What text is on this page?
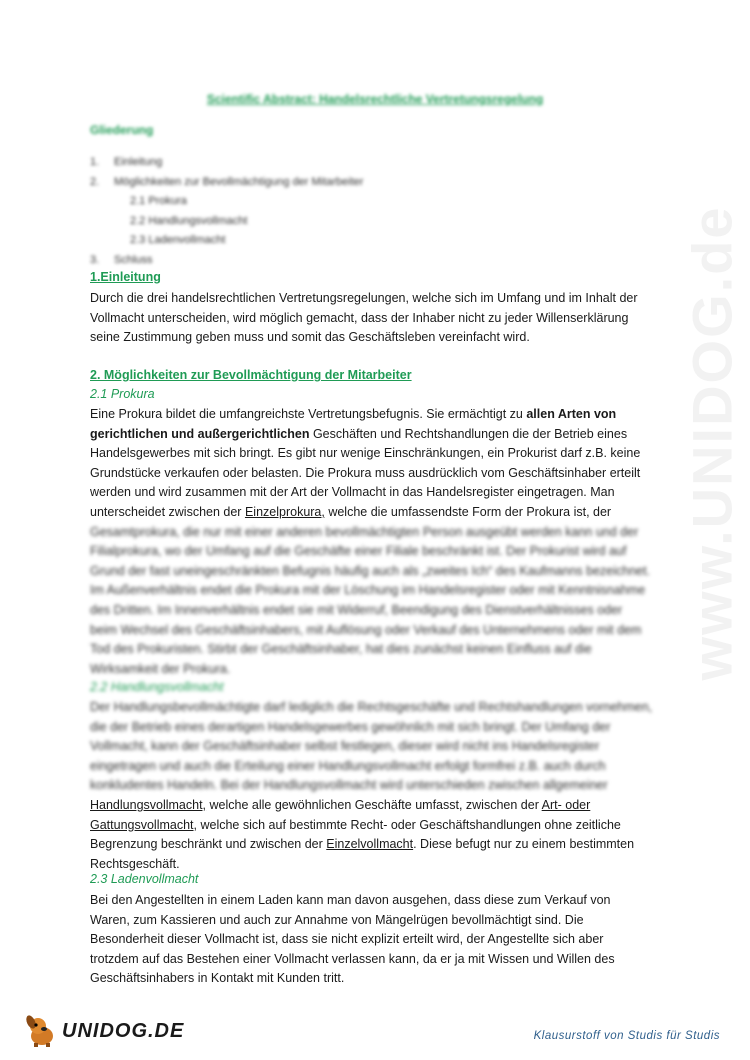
www.UNIDOG.de
Scientific Abstract: Handelsrechtliche Vertretungsregelung
Gliederung
1. Einleitung
2. Möglichkeiten zur Bevollmächtigung der Mitarbeiter
2.1 Prokura
2.2 Handlungsvollmacht
2.3 Ladenvollmacht
3. Schluss
1.Einleitung
Durch die drei handelsrechtlichen Vertretungsregelungen, welche sich im Umfang und im Inhalt der
Vollmacht unterscheiden, wird möglich gemacht, dass der Inhaber nicht zu jeder Willenserklärung
seine Zustimmung geben muss und somit das Geschäftsleben vereinfacht wird.
2. Möglichkeiten zur Bevollmächtigung der Mitarbeiter
2.1 Prokura
Eine Prokura bildet die umfangreichste Vertretungsbefugnis. Sie ermächtigt zu allen Arten von
gerichtlichen und außergerichtlichen Geschäften und Rechtshandlungen die der Betrieb eines
Handelsgewerbes mit sich bringt. Es gibt nur wenige Einschränkungen, ein Prokurist darf z.B. keine
Grundstücke verkaufen oder belasten. Die Prokura muss ausdrücklich vom Geschäftsinhaber erteilt
werden und wird zusammen mit der Art der Vollmacht in das Handelsregister eingetragen. Man
unterscheidet zwischen der Einzelprokura, welche die umfassendste Form der Prokura ist, der
Gesamtprokura, die nur mit einer anderen bevollmächtigten Person ausgeübt werden kann und der
Filialprokura, wo der Umfang auf die Geschäfte einer Filiale beschränkt ist. Der Prokurist wird auf
Grund der fast uneingeschränkten Befugnis häufig auch als „zweites Ich“ des Kaufmanns bezeichnet.
Im Außenverhältnis endet die Prokura mit der Löschung im Handelsregister oder mit Kenntnisnahme
des Dritten. Im Innenverhältnis endet sie mit Widerruf, Beendigung des Dienstverhältnisses oder
beim Wechsel des Geschäftsinhabers, mit Auflösung oder Verkauf des Unternehmens oder mit dem
Tod des Prokuristen. Stirbt der Geschäftsinhaber, hat dies zunächst keinen Einfluss auf die
Wirksamkeit der Prokura.
2.2 Handlungsvollmacht
Der Handlungsbevollmächtigte darf lediglich die Rechtsgeschäfte und Rechtshandlungen vornehmen,
die der Betrieb eines derartigen Handelsgewerbes gewöhnlich mit sich bringt. Der Umfang der
Vollmacht, kann der Geschäftsinhaber selbst festlegen, dieser wird nicht ins Handelsregister
eingetragen und auch die Erteilung einer Handlungsvollmacht erfolgt formfrei z.B. auch durch
konkludentes Handeln. Bei der Handlungsvollmacht wird unterschieden zwischen allgemeiner
Handlungsvollmacht, welche alle gewöhnlichen Geschäfte umfasst, zwischen der Art- oder
Gattungsvollmacht, welche sich auf bestimmte Recht- oder Geschäftshandlungen ohne zeitliche
Begrenzung beschränkt und zwischen der Einzelvollmacht. Diese befugt nur zu einem bestimmten
Rechtsgeschäft.
2.3 Ladenvollmacht
Bei den Angestellten in einem Laden kann man davon ausgehen, dass diese zum Verkauf von
Waren, zum Kassieren und auch zur Annahme von Mängelrügen bevollmächtigt sind. Die
Besonderheit dieser Vollmacht ist, dass sie nicht explizit erteilt wird, der Angestellte sich aber
trotzdem auf das Bestehen einer Vollmacht verlassen kann, da er ja mit Wissen und Willen des
Geschäftsinhabers in Kontakt mit Kunden tritt.
UNIDOG.DE	Klausurstoff von Studis für Studis
